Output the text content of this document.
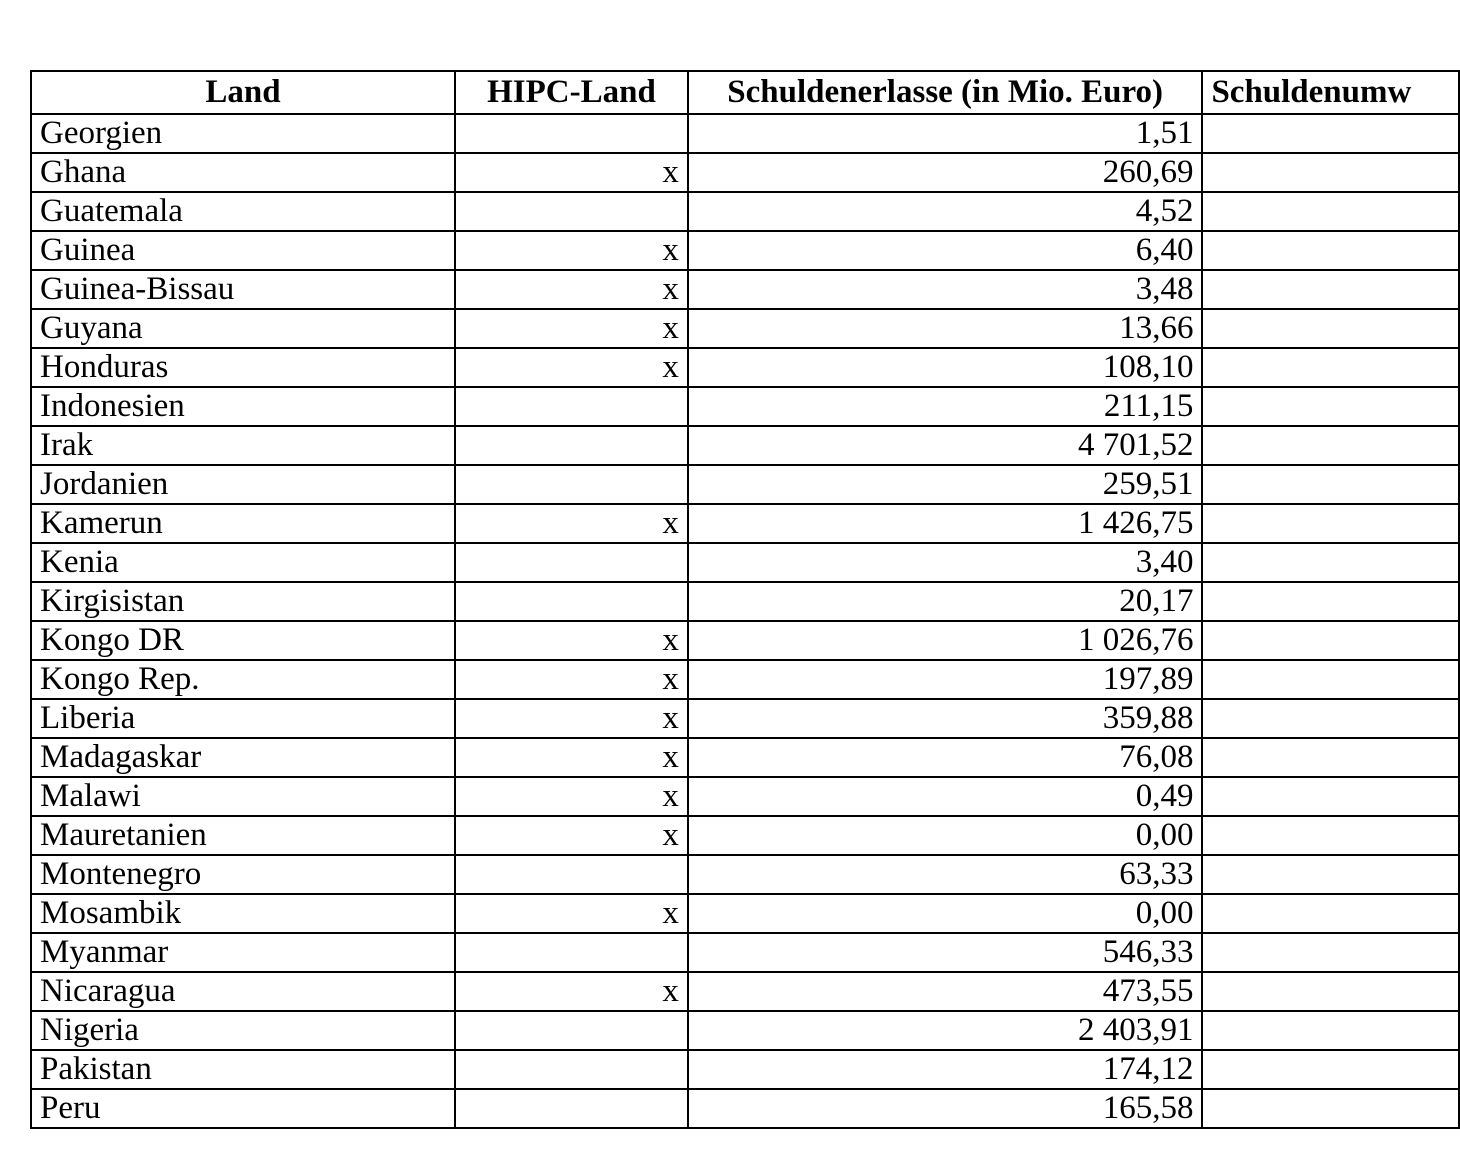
Land	HIPC-Land	Schuldenerlasse (in Mio. Euro)	Schuldenumw
Georgien		1,51	
Ghana	x	260,69	
Guatemala		4,52	
Guinea	x	6,40	
Guinea-Bissau	x	3,48	
Guyana	x	13,66	
Honduras	x	108,10	
Indonesien		211,15	
Irak		4 701,52	
Jordanien		259,51	
Kamerun	x	1 426,75	
Kenia		3,40	
Kirgisistan		20,17	
Kongo DR	x	1 026,76	
Kongo Rep.	x	197,89	
Liberia	x	359,88	
Madagaskar	x	76,08	
Malawi	x	0,49	
Mauretanien	x	0,00	
Montenegro		63,33	
Mosambik	x	0,00	
Myanmar		546,33	
Nicaragua	x	473,55	
Nigeria		2 403,91	
Pakistan		174,12	
Peru		165,58	
